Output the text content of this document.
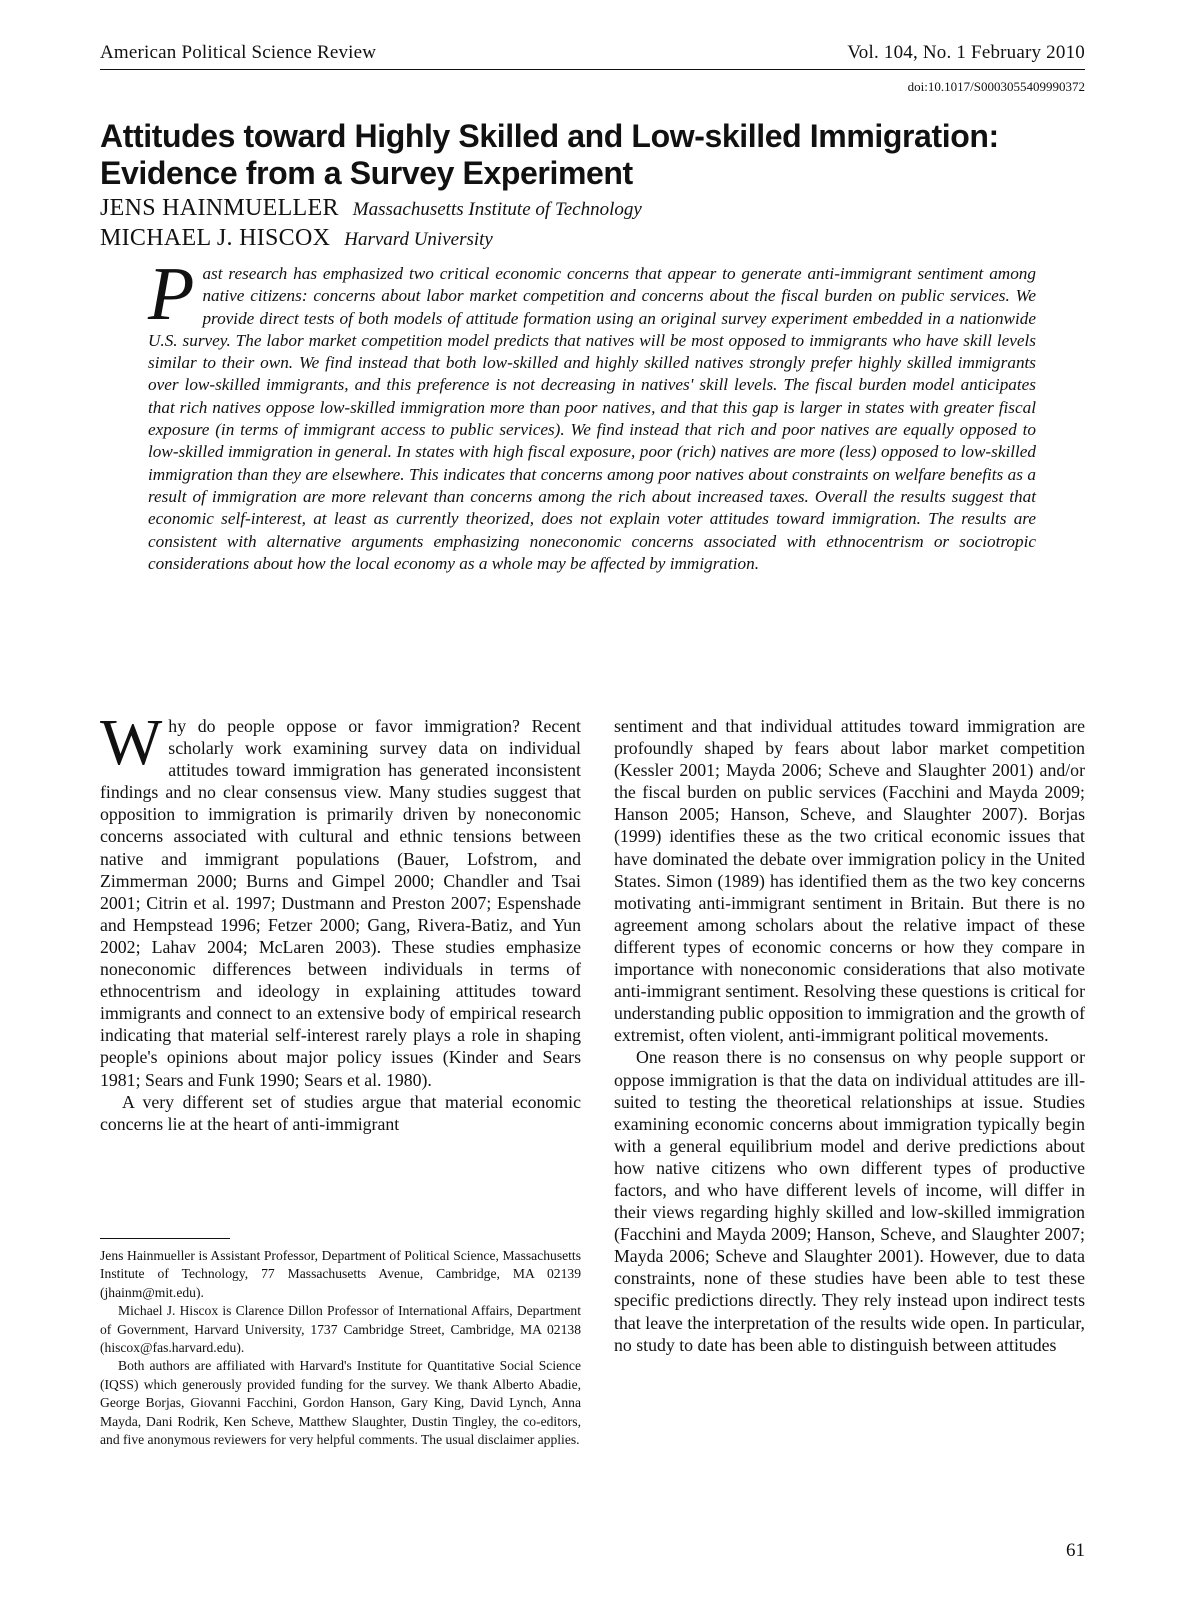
American Political Science Review	Vol. 104, No. 1 February 2010
doi:10.1017/S0003055409990372
Attitudes toward Highly Skilled and Low-skilled Immigration:
Evidence from a Survey Experiment
JENS HAINMUELLER Massachusetts Institute of Technology
MICHAEL J. HISCOX Harvard University

Past research has emphasized two critical economic concerns that appear to generate anti-immigrant sentiment among native citizens: concerns about labor market competition and concerns about the fiscal burden on public services. We provide direct tests of both models of attitude formation using an original survey experiment embedded in a nationwide U.S. survey. The labor market competition model predicts that natives will be most opposed to immigrants who have skill levels similar to their own. We find instead that both low-skilled and highly skilled natives strongly prefer highly skilled immigrants over low-skilled immigrants, and this preference is not decreasing in natives' skill levels. The fiscal burden model anticipates that rich natives oppose low-skilled immigration more than poor natives, and that this gap is larger in states with greater fiscal exposure (in terms of immigrant access to public services). We find instead that rich and poor natives are equally opposed to low-skilled immigration in general. In states with high fiscal exposure, poor (rich) natives are more (less) opposed to low-skilled immigration than they are elsewhere. This indicates that concerns among poor natives about constraints on welfare benefits as a result of immigration are more relevant than concerns among the rich about increased taxes. Overall the results suggest that economic self-interest, at least as currently theorized, does not explain voter attitudes toward immigration. The results are consistent with alternative arguments emphasizing noneconomic concerns associated with ethnocentrism or sociotropic considerations about how the local economy as a whole may be affected by immigration.

Why do people oppose or favor immigration? Recent scholarly work examining survey data on individual attitudes toward immigration has generated inconsistent findings and no clear consensus view. Many studies suggest that opposition to immigration is primarily driven by noneconomic concerns associated with cultural and ethnic tensions between native and immigrant populations (Bauer, Lofstrom, and Zimmerman 2000; Burns and Gimpel 2000; Chandler and Tsai 2001; Citrin et al. 1997; Dustmann and Preston 2007; Espenshade and Hempstead 1996; Fetzer 2000; Gang, Rivera-Batiz, and Yun 2002; Lahav 2004; McLaren 2003). These studies emphasize noneconomic differences between individuals in terms of ethnocentrism and ideology in explaining attitudes toward immigrants and connect to an extensive body of empirical research indicating that material self-interest rarely plays a role in shaping people's opinions about major policy issues (Kinder and Sears 1981; Sears and Funk 1990; Sears et al. 1980).

A very different set of studies argue that material economic concerns lie at the heart of anti-immigrant

sentiment and that individual attitudes toward immigration are profoundly shaped by fears about labor market competition (Kessler 2001; Mayda 2006; Scheve and Slaughter 2001) and/or the fiscal burden on public services (Facchini and Mayda 2009; Hanson 2005; Hanson, Scheve, and Slaughter 2007). Borjas (1999) identifies these as the two critical economic issues that have dominated the debate over immigration policy in the United States. Simon (1989) has identified them as the two key concerns motivating anti-immigrant sentiment in Britain. But there is no agreement among scholars about the relative impact of these different types of economic concerns or how they compare in importance with noneconomic considerations that also motivate anti-immigrant sentiment. Resolving these questions is critical for understanding public opposition to immigration and the growth of extremist, often violent, anti-immigrant political movements.

One reason there is no consensus on why people support or oppose immigration is that the data on individual attitudes are ill-suited to testing the theoretical relationships at issue. Studies examining economic concerns about immigration typically begin with a general equilibrium model and derive predictions about how native citizens who own different types of productive factors, and who have different levels of income, will differ in their views regarding highly skilled and low-skilled immigration (Facchini and Mayda 2009; Hanson, Scheve, and Slaughter 2007; Mayda 2006; Scheve and Slaughter 2001). However, due to data constraints, none of these studies have been able to test these specific predictions directly. They rely instead upon indirect tests that leave the interpretation of the results wide open. In particular, no study to date has been able to distinguish between attitudes

Jens Hainmueller is Assistant Professor, Department of Political Science, Massachusetts Institute of Technology, 77 Massachusetts Avenue, Cambridge, MA 02139 (jhainm@mit.edu).

Michael J. Hiscox is Clarence Dillon Professor of International Affairs, Department of Government, Harvard University, 1737 Cambridge Street, Cambridge, MA 02138 (hiscox@fas.harvard.edu).

Both authors are affiliated with Harvard's Institute for Quantitative Social Science (IQSS) which generously provided funding for the survey. We thank Alberto Abadie, George Borjas, Giovanni Facchini, Gordon Hanson, Gary King, David Lynch, Anna Mayda, Dani Rodrik, Ken Scheve, Matthew Slaughter, Dustin Tingley, the co-editors, and five anonymous reviewers for very helpful comments. The usual disclaimer applies.

61
